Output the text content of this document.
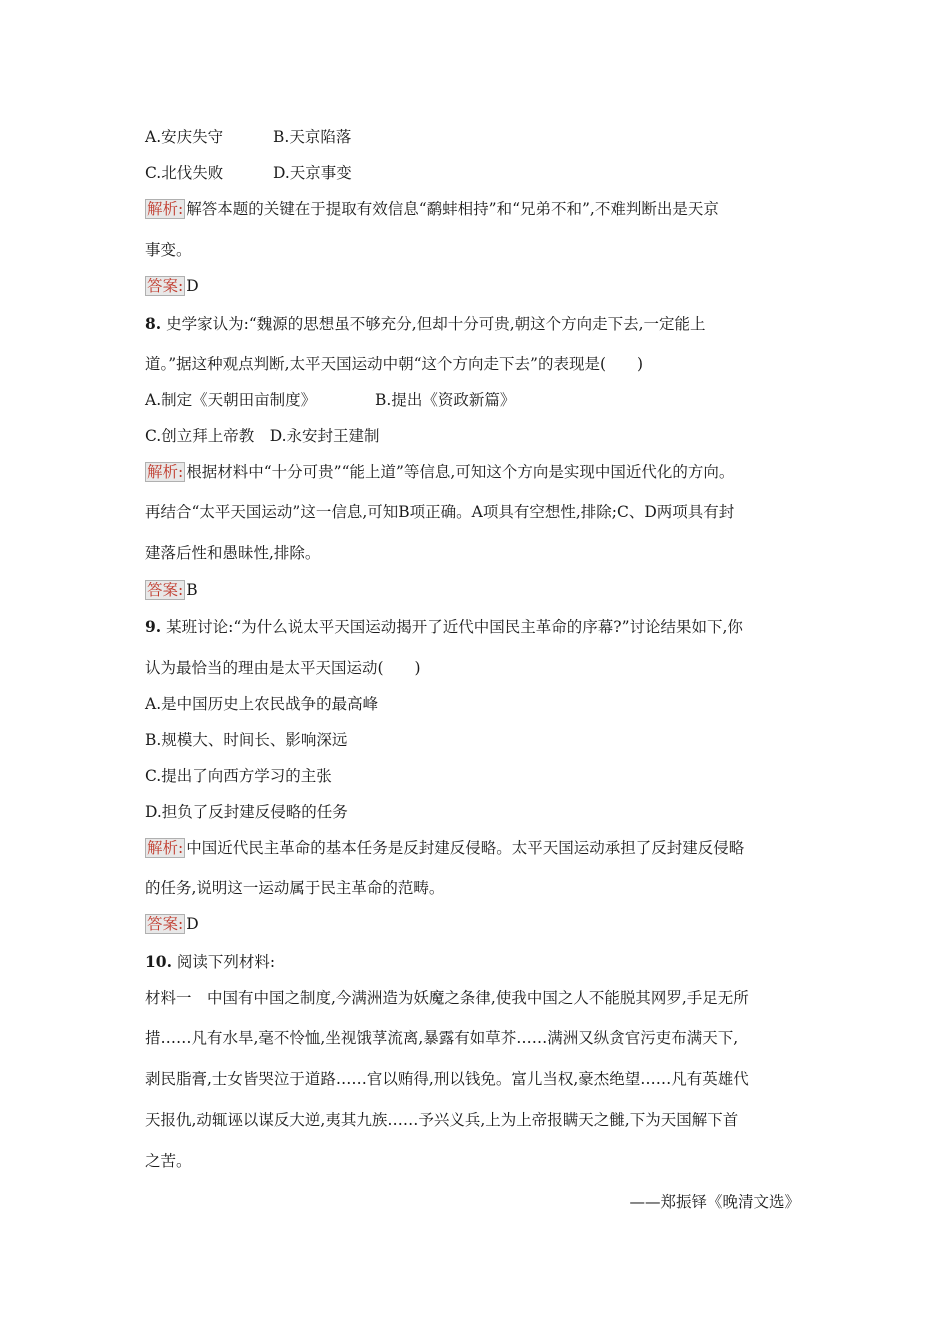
A.安庆失守	B.天京陷落
C.北伐失败	D.天京事变
解析: 解答本题的关键在于提取有效信息“鹬蚌相持”和“兄弟不和”,不难判断出是天京
事变。
答案: D
8. 史学家认为:“魏源的思想虽不够充分,但却十分可贵,朝这个方向走下去,一定能上
道。”据这种观点判断,太平天国运动中朝“这个方向走下去”的表现是(　　)
A.制定《天朝田亩制度》	B.提出《资政新篇》
C.创立拜上帝教　D.永安封王建制
解析: 根据材料中“十分可贵”“能上道”等信息,可知这个方向是实现中国近代化的方向。
再结合“太平天国运动”这一信息,可知B项正确。A项具有空想性,排除;C、D两项具有封
建落后性和愚昧性,排除。
答案: B
9. 某班讨论:“为什么说太平天国运动揭开了近代中国民主革命的序幕?”讨论结果如下,你
认为最恰当的理由是太平天国运动(　　)
A.是中国历史上农民战争的最高峰
B.规模大、时间长、影响深远
C.提出了向西方学习的主张
D.担负了反封建反侵略的任务
解析: 中国近代民主革命的基本任务是反封建反侵略。太平天国运动承担了反封建反侵略
的任务,说明这一运动属于民主革命的范畴。
答案: D
10. 阅读下列材料:
材料一　中国有中国之制度,今满洲造为妖魔之条律,使我中国之人不能脱其网罗,手足无所
措……凡有水旱,毫不怜恤,坐视饿莩流离,暴露有如草芥……满洲又纵贪官污吏布满天下,
剥民脂膏,士女皆哭泣于道路……官以贿得,刑以钱免。富儿当权,豪杰绝望……凡有英雄代
天报仇,动辄诬以谋反大逆,夷其九族……予兴义兵,上为上帝报瞒天之雠,下为天国解下首
之苦。
——郑振铎《晚清文选》
